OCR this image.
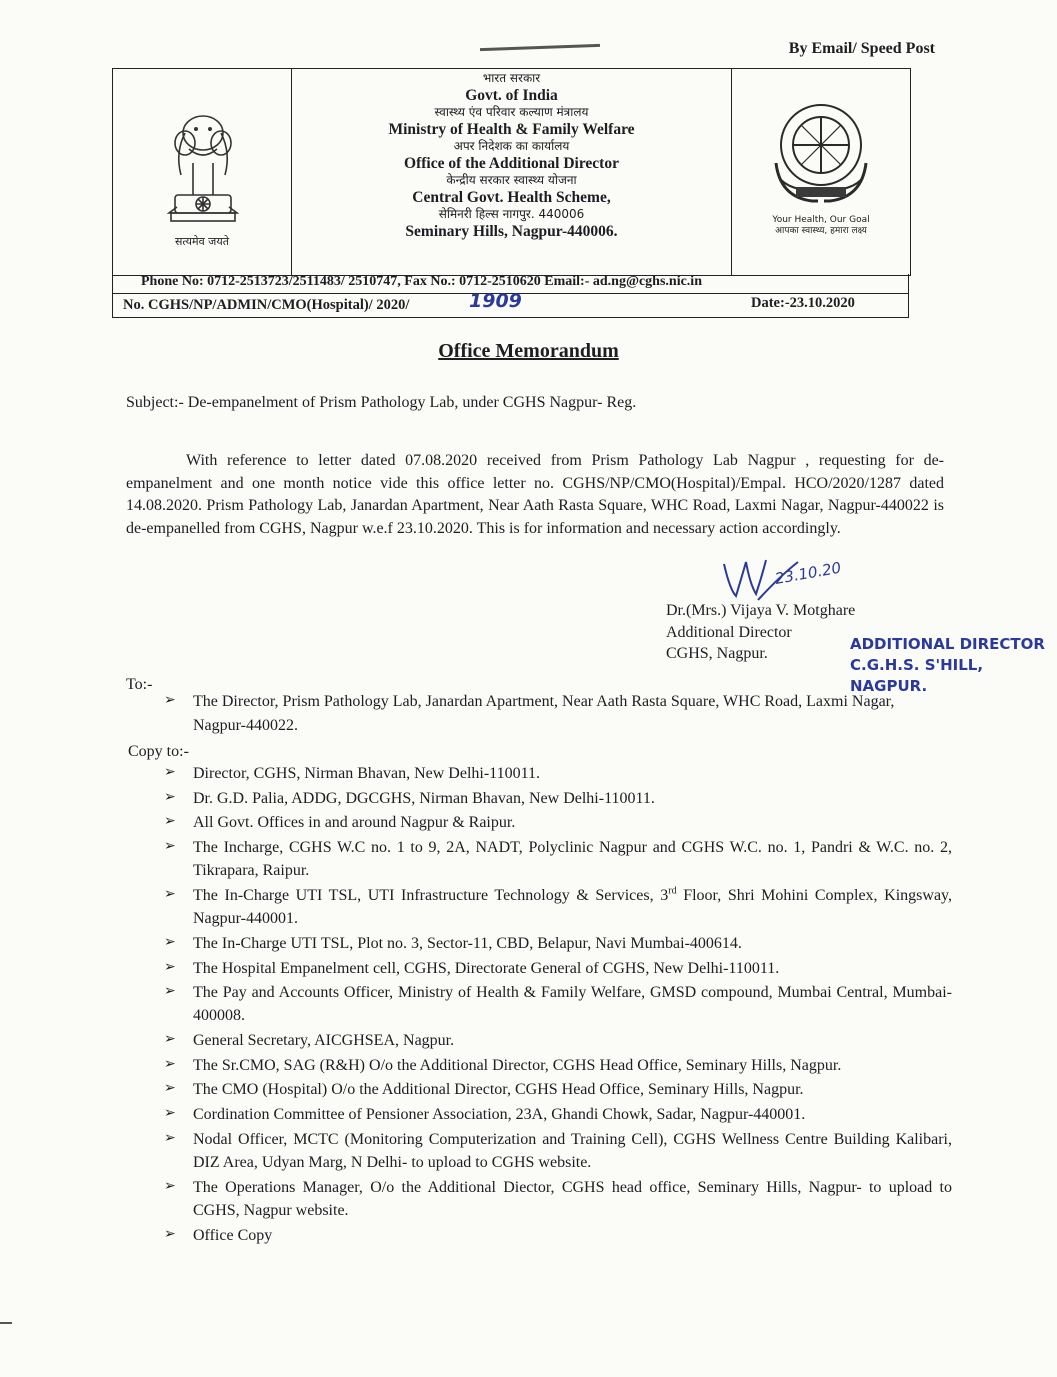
By Email/ Speed Post
सत्यमेव जयते
भारत सरकार
Govt. of India
स्वास्थ्य एंव परिवार कल्याण मंत्रालय
Ministry of Health & Family Welfare
अपर निदेशक का कार्यालय
Office of the Additional Director
केन्द्रीय सरकार स्वास्थ्य योजना
Central Govt. Health Scheme,
सेमिनरी हिल्स नागपुर. 440006
Seminary Hills, Nagpur-440006.
Your Health, Our Goal
आपका स्वास्थ्य, हमारा लक्ष्य
Phone No: 0712-2513723/2511483/ 2510747, Fax No.: 0712-2510620 Email:- ad.ng@cghs.nic.in
No. CGHS/NP/ADMIN/CMO(Hospital)/ 2020/	1909	Date:-23.10.2020
Office Memorandum
Subject:- De-empanelment of Prism Pathology Lab, under CGHS Nagpur- Reg.
With reference to letter dated 07.08.2020 received from Prism Pathology Lab Nagpur , requesting for de-empanelment and one month notice vide this office letter no. CGHS/NP/CMO(Hospital)/Empal. HCO/2020/1287 dated 14.08.2020. Prism Pathology Lab, Janardan Apartment, Near Aath Rasta Square, WHC Road, Laxmi Nagar, Nagpur-440022 is de-empanelled from CGHS, Nagpur w.e.f 23.10.2020. This is for information and necessary action accordingly.
23.10.20
Dr.(Mrs.) Vijaya V. Motghare
Additional Director
CGHS, Nagpur.
ADDITIONAL DIRECTOR
C.G.H.S. S'HILL, NAGPUR.
To:-
➢	The Director, Prism Pathology Lab, Janardan Apartment, Near Aath Rasta Square, WHC Road, Laxmi Nagar, Nagpur-440022.
Copy to:-
➢ Director, CGHS, Nirman Bhavan, New Delhi-110011.
➢ Dr. G.D. Palia, ADDG, DGCGHS, Nirman Bhavan, New Delhi-110011.
➢ All Govt. Offices in and around Nagpur & Raipur.
➢ The Incharge, CGHS W.C no. 1 to 9, 2A, NADT, Polyclinic Nagpur and CGHS W.C. no. 1, Pandri & W.C. no. 2, Tikrapara, Raipur.
➢ The In-Charge UTI TSL, UTI Infrastructure Technology & Services, 3rd Floor, Shri Mohini Complex, Kingsway, Nagpur-440001.
➢ The In-Charge UTI TSL, Plot no. 3, Sector-11, CBD, Belapur, Navi Mumbai-400614.
➢ The Hospital Empanelment cell, CGHS, Directorate General of CGHS, New Delhi-110011.
➢ The Pay and Accounts Officer, Ministry of Health & Family Welfare, GMSD compound, Mumbai Central, Mumbai-400008.
➢ General Secretary, AICGHSEA, Nagpur.
➢ The Sr.CMO, SAG (R&H) O/o the Additional Director, CGHS Head Office, Seminary Hills, Nagpur.
➢ The CMO (Hospital) O/o the Additional Director, CGHS Head Office, Seminary Hills, Nagpur.
➢ Cordination Committee of Pensioner Association, 23A, Ghandi Chowk, Sadar, Nagpur-440001.
➢ Nodal Officer, MCTC (Monitoring Computerization and Training Cell), CGHS Wellness Centre Building Kalibari, DIZ Area, Udyan Marg, N Delhi- to upload to CGHS website.
➢ The Operations Manager, O/o the Additional Diector, CGHS head office, Seminary Hills, Nagpur- to upload to CGHS, Nagpur website.
➢ Office Copy
